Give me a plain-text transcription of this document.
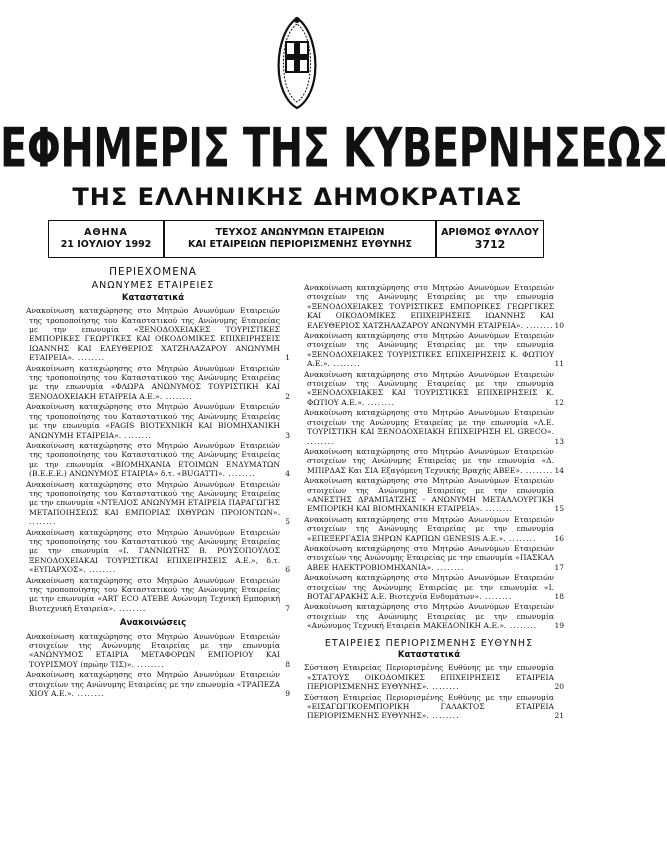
ΕΦΗΜΕΡΙΣ ΤΗΣ ΚΥΒΕΡΝΗΣΕΩΣ
ΤΗΣ ΕΛΛΗΝΙΚΗΣ ΔΗΜΟΚΡΑΤΙΑΣ
ΑΘΗΝΑ
21 ΙΟΥΛΙΟΥ 1992
ΤΕΥΧΟΣ ΑΝΩΝΥΜΩΝ ΕΤΑΙΡΕΙΩΝ
ΚΑΙ ΕΤΑΙΡΕΙΩΝ ΠΕΡΙΟΡΙΣΜΕΝΗΣ ΕΥΘΥΝΗΣ
ΑΡΙΘΜΟΣ ΦΥΛΛΟΥ
3712
ΠΕΡΙΕΧΟΜΕΝΑ
ΑΝΩΝΥΜΕΣ ΕΤΑΙΡΕΙΕΣ
Καταστατικά

Ανακοίνωση καταχώρησης στο Μητρώο Ανωνύμων Εταιρειών της τροποποίησης του Καταστατικού της Ανώνυμης Εταιρείας με την επωνυμία «ΞΕΝΟΔΟΧΕΙΑΚΕΣ ΤΟΥΡΙΣΤΙΚΕΣ ΕΜΠΟΡΙΚΕΣ ΓΕΩΡΓΙΚΕΣ ΚΑΙ ΟΙΚΟΔΟΜΙΚΕΣ ΕΠΙΧΕΙΡΗΣΕΙΣ ΙΩΑΝΝΗΣ ΚΑΙ ΕΛΕΥΘΕΡΙΟΣ ΧΑΤΖΗΛΑΖΑΡΟΥ ΑΝΩΝΥΜΗ ΕΤΑΙΡΕΙΑ». ........	1

Ανακοίνωση καταχώρησης στο Μητρώο Ανωνύμων Εταιρειών της τροποποίησης του Καταστατικού της Ανώνυμης Εταιρείας με την επωνυμία «ΦΛΩΡΑ ΑΝΩΝΥΜΟΣ ΤΟΥΡΙΣΤΙΚΗ ΚΑΙ ΞΕΝΟΔΟΧΕΙΑΚΗ ΕΤΑΙΡΕΙΑ Α.Ε.». ........	2

Ανακοίνωση καταχώρησης στο Μητρώο Ανωνύμων Εταιρειών της τροποποίησης του Καταστατικού της Ανώνυμης Εταιρείας με την επωνυμία «FAGIS ΒΙΟΤΕΧΝΙΚΗ ΚΑΙ ΒΙΟΜΗΧΑΝΙΚΗ ΑΝΩΝΥΜΗ ΕΤΑΙΡΕΙΑ». ........	3

Ανακοίνωση καταχώρησης στο Μητρώο Ανωνύμων Εταιρειών της τροποποίησης του Καταστατικού της Ανώνυμης Εταιρείας με την επωνυμία «ΒΙΟΜΗΧΑΝΙΑ ΕΤΟΙΜΩΝ ΕΝΔΥΜΑΤΩΝ (Β.Ε.Ε.Ε.) ΑΝΩΝΥΜΟΣ ΕΤΑΙΡΙΑ» δ.τ. «BUGATTI». ........	4

Ανακοίνωση καταχώρησης στο Μητρώο Ανωνύμων Εταιρειών της τροποποίησης του Καταστατικού της Ανώνυμης Εταιρείας με την επωνυμία «ΝΤΕΛΙΟΣ ΑΝΩΝΥΜΗ ΕΤΑΙΡΕΙΑ ΠΑΡΑΓΩΓΗΣ ΜΕΤΑΠΟΙΗΣΕΩΣ ΚΑΙ ΕΜΠΟΡΙΑΣ ΙΧΘΥΡΩΝ ΠΡΟΙΟΝΤΩΝ». ........	5

Ανακοίνωση καταχώρησης στο Μητρώο Ανωνύμων Εταιρειών της τροποποίησης του Καταστατικού της Ανώνυμης Εταιρείας με την επωνυμία «Ι. ΓΑΝΝΙΩΤΗΣ Β. ΡΟΥΣΟΠΟΥΛΟΣ ΞΕΝΟΔΟΧΕΙΑΚΑΙ ΤΟΥΡΙΣΤΙΚΑΙ ΕΠΙΧΕΙΡΗΣΕΙΣ Α.Ε.», δ.τ. «ΕΥΠΑΡΧΟΣ». ........	6

Ανακοίνωση καταχώρησης στο Μητρώο Ανωνύμων Εταιρειών της τροποποίησης του Καταστατικού της Ανώνυμης Εταιρείας με την επωνυμία «ART ECO ΑΤΕΒΕ Ανώνυμη Τεχνική Εμπορική Βιοτεχνική Εταιρεία». ........	7

Ανακοινώσεις

Ανακοίνωση καταχώρησης στο Μητρώο Ανωνύμων Εταιρειών στοιχείων της Ανώνυμης Εταιρείας με την επωνυμία «ΑΝΩΝΥΜΟΣ ΕΤΑΙΡΙΑ ΜΕΤΑΦΟΡΩΝ ΕΜΠΟΡΙΟΥ ΚΑΙ ΤΟΥΡΙΣΜΟΥ (πρώην ΤΙΣ)». ........	8

Ανακοίνωση καταχώρησης στο Μητρώο Ανωνύμων Εταιρειών στοιχείων της Ανώνυμης Εταιρείας με την επωνυμία «ΤΡΑΠΕΖΑ ΧΙΟΥ Α.Ε.». ........	9

Ανακοίνωση καταχώρησης στο Μητρώο Ανωνύμων Εταιρειών στοιχείων της Ανώνυμης Εταιρείας με την επωνυμία «ΞΕΝΟΔΟΧΕΙΑΚΕΣ ΤΟΥΡΙΣΤΙΚΕΣ ΕΜΠΟΡΙΚΕΣ ΓΕΩΡΓΙΚΕΣ ΚΑΙ ΟΙΚΟΔΟΜΙΚΕΣ ΕΠΙΧΕΙΡΗΣΕΙΣ ΙΩΑΝΝΗΣ ΚΑΙ ΕΛΕΥΘΕΡΙΟΣ ΧΑΤΖΗΛΑΖΑΡΟΥ ΑΝΩΝΥΜΗ ΕΤΑΙΡΕΙΑ». ........ 10

Ανακοίνωση καταχώρησης στο Μητρώο Ανωνύμων Εταιρειών στοιχείων της Ανώνυμης Εταιρείας με την επωνυμία «ΞΕΝΟΔΟΧΕΙΑΚΕΣ ΤΟΥΡΙΣΤΙΚΕΣ ΕΠΙΧΕΙΡΗΣΕΙΣ Κ. ΦΩΤΙΟΥ Α.Ε.». ........	11

Ανακοίνωση καταχώρησης στο Μητρώο Ανωνύμων Εταιρειών στοιχείων της Ανώνυμης Εταιρείας με την επωνυμία «ΞΕΝΟΔΟΧΕΙΑΚΕΣ ΚΑΙ ΤΟΥΡΙΣΤΙΚΕΣ ΕΠΙΧΕΙΡΗΣΕΙΣ Κ. ΦΩΤΙΟΥ Α.Ε.». ........	12

Ανακοίνωση καταχώρησης στο Μητρώο Ανωνύμων Εταιρειών στοιχείων της Ανώνυμης Εταιρείας με την επωνυμία «Λ.Ε. ΤΟΥΡΙΣΤΙΚΗ ΚΑΙ ΞΕΝΟΔΟΧΕΙΑΚΗ ΕΠΙΧΕΙΡΗΣΗ EL GRECO». ........	13

Ανακοίνωση καταχώρησης στο Μητρώο Ανωνύμων Εταιρειών στοιχείων της Ανώνυμης Εταιρείας με την επωνυμία «Δ. ΜΠΙΡΔΑΣ Και ΣΙΑ Εξαγόμενη Τεχνικής Βραχής ΑΒΕΕ». ........ 14

Ανακοίνωση καταχώρησης στο Μητρώο Ανωνύμων Εταιρειών στοιχείων της Ανώνυμης Εταιρείας με την επωνυμία «ΑΝΕΣΤΗΣ ΔΡΑΜΠΑΤΖΗΣ - ΑΝΩΝΥΜΗ ΜΕΤΑΛΛΟΥΡΓΙΚΗ ΕΜΠΟΡΙΚΗ ΚΑΙ ΒΙΟΜΗΧΑΝΙΚΗ ΕΤΑΙΡΕΙΑ». ........	15

Ανακοίνωση καταχώρησης στο Μητρώο Ανωνύμων Εταιρειών στοιχείων της Ανώνυμης Εταιρείας με την επωνυμία «ΕΠΕΞΕΡΓΑΣΙΑ ΞΗΡΩΝ ΚΑΡΠΩΝ GENESIS Α.Ε.». ........ 16

Ανακοίνωση καταχώρησης στο Μητρώο Ανωνύμων Εταιρειών στοιχείων της Ανώνυμης Εταιρείας με την επωνυμία «ΠΑΣΚΑΛ ΑΒΕΕ ΗΛΕΚΤΡΟΒΙΟΜΗΧΑΝΙΑ». ........	17

Ανακοίνωση καταχώρησης στο Μητρώο Ανωνύμων Εταιρειών στοιχείων της Ανώνυμης Εταιρείας με την επωνυμία «Ι. ΒΟΤΑΓΑΡΑΚΗΣ Α.Ε. Βιοτεχνία Ενδυμάτων». ........	18

Ανακοίνωση καταχώρησης στο Μητρώο Ανωνύμων Εταιρειών στοιχείων της Ανώνυμης Εταιρείας με την επωνυμία «Ανώνυμος Τεχνική Εταιρεία ΜΑΚΕΔΟΝΙΚΗ Α.Ε.». ........ 19

ΕΤΑΙΡΕΙΕΣ ΠΕΡΙΟΡΙΣΜΕΝΗΣ ΕΥΘΥΝΗΣ
Καταστατικά

Σύσταση Εταιρείας Περιορισμένης Ευθύνης με την επωνυμία «ΣΤΑΤΟΥΣ ΟΙΚΟΔΟΜΙΚΕΣ ΕΠΙΧΕΙΡΗΣΕΙΣ ΕΤΑΙΡΕΙΑ ΠΕΡΙΟΡΙΣΜΕΝΗΣ ΕΥΘΥΝΗΣ». ........	20

Σύσταση Εταιρείας Περιορισμένης Ευθύνης με την επωνυμία «ΕΙΣΑΓΩΓΙΚΟΕΜΠΟΡΙΚΗ ΓΑΛΑΚΤΟΣ ΕΤΑΙΡΕΙΑ ΠΕΡΙΟΡΙΣΜΕΝΗΣ ΕΥΘΥΝΗΣ». ........	21
